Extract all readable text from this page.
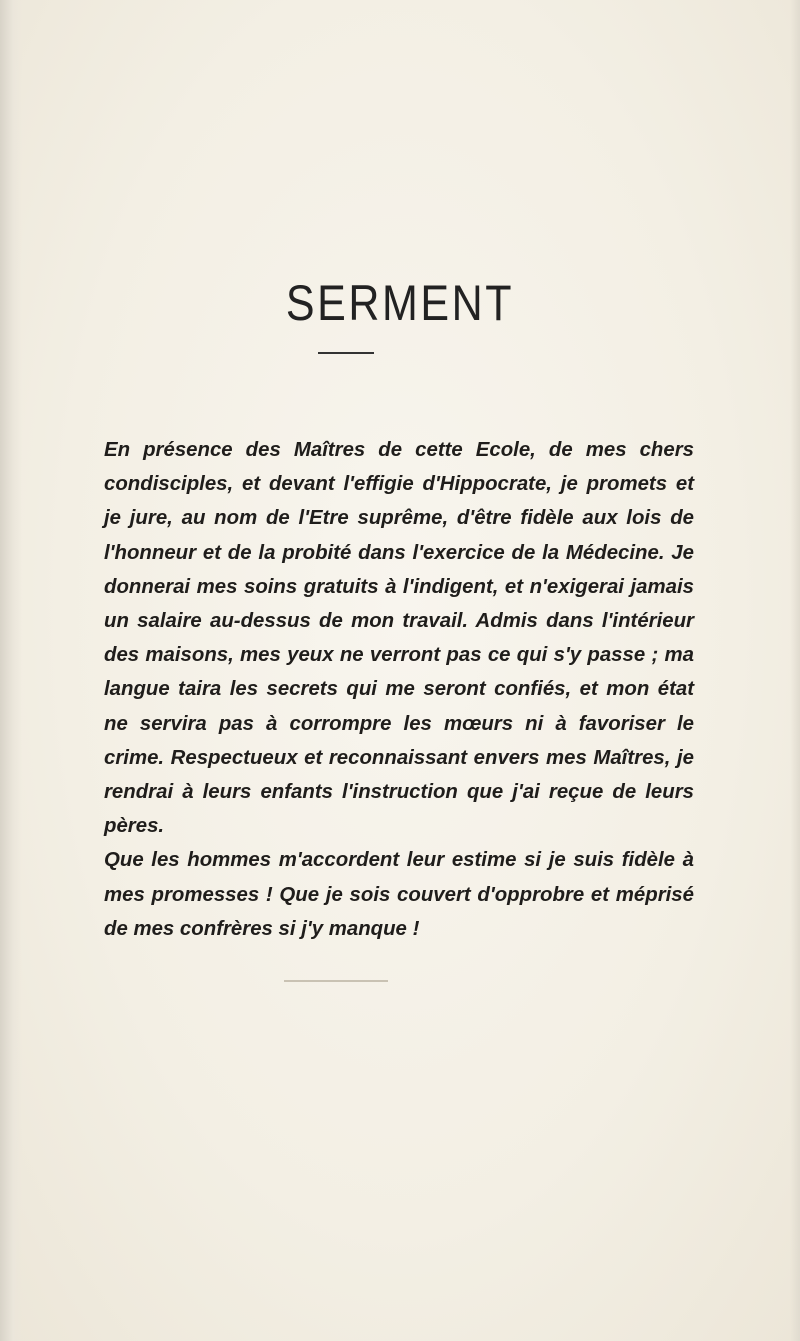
SERMENT

En présence des Maîtres de cette Ecole, de mes chers condisciples, et devant l'effigie d'Hippocrate, je promets et je jure, au nom de l'Etre suprême, d'être fidèle aux lois de l'honneur et de la probité dans l'exercice de la Médecine. Je donnerai mes soins gratuits à l'indigent, et n'exigerai jamais un salaire au-dessus de mon travail. Admis dans l'intérieur des maisons, mes yeux ne verront pas ce qui s'y passe ; ma langue taira les secrets qui me seront confiés, et mon état ne servira pas à corrompre les mœurs ni à favoriser le crime. Respectueux et reconnaissant envers mes Maîtres, je rendrai à leurs enfants l'instruction que j'ai reçue de leurs pères.

Que les hommes m'accordent leur estime si je suis fidèle à mes promesses ! Que je sois couvert d'opprobre et méprisé de mes confrères si j'y manque !
